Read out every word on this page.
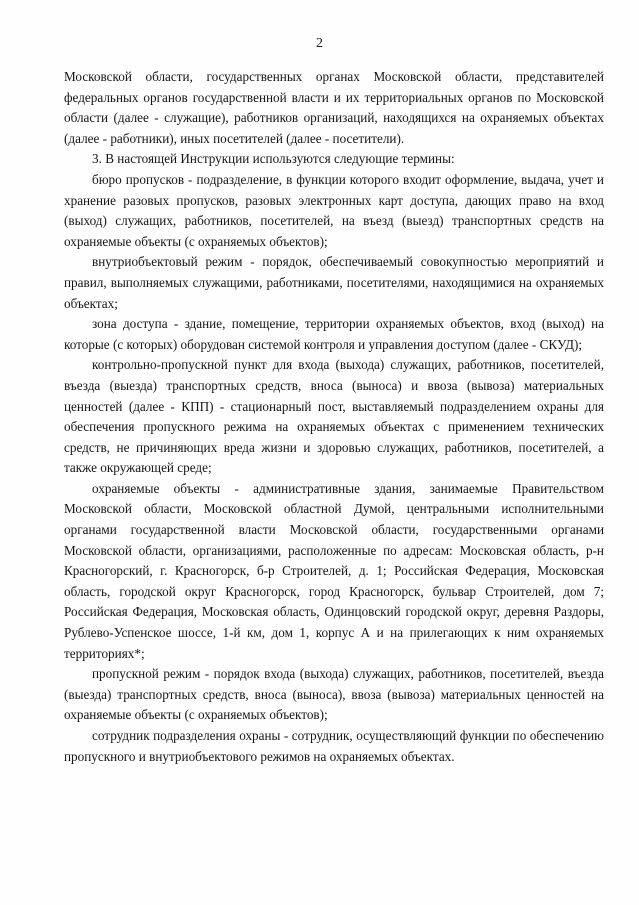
2

Московской области, государственных органах Московской области, представителей федеральных органов государственной власти и их территориальных органов по Московской области (далее - служащие), работников организаций, находящихся на охраняемых объектах (далее - работники), иных посетителей (далее - посетители).

3. В настоящей Инструкции используются следующие термины:

бюро пропусков - подразделение, в функции которого входит оформление, выдача, учет и хранение разовых пропусков, разовых электронных карт доступа, дающих право на вход (выход) служащих, работников, посетителей, на въезд (выезд) транспортных средств на охраняемые объекты (с охраняемых объектов);

внутриобъектовый режим - порядок, обеспечиваемый совокупностью мероприятий и правил, выполняемых служащими, работниками, посетителями, находящимися на охраняемых объектах;

зона доступа - здание, помещение, территории охраняемых объектов, вход (выход) на которые (с которых) оборудован системой контроля и управления доступом (далее - СКУД);

контрольно-пропускной пункт для входа (выхода) служащих, работников, посетителей, въезда (выезда) транспортных средств, вноса (выноса) и ввоза (вывоза) материальных ценностей (далее - КПП) - стационарный пост, выставляемый подразделением охраны для обеспечения пропускного режима на охраняемых объектах с применением технических средств, не причиняющих вреда жизни и здоровью служащих, работников, посетителей, а также окружающей среде;

охраняемые объекты - административные здания, занимаемые Правительством Московской области, Московской областной Думой, центральными исполнительными органами государственной власти Московской области, государственными органами Московской области, организациями, расположенные по адресам: Московская область, р-н Красногорский, г. Красногорск, б-р Строителей, д. 1; Российская Федерация, Московская область, городской округ Красногорск, город Красногорск, бульвар Строителей, дом 7; Российская Федерация, Московская область, Одинцовский городской округ, деревня Раздоры, Рублево-Успенское шоссе, 1-й км, дом 1, корпус А и на прилегающих к ним охраняемых территориях*;

пропускной режим - порядок входа (выхода) служащих, работников, посетителей, въезда (выезда) транспортных средств, вноса (выноса), ввоза (вывоза) материальных ценностей на охраняемые объекты (с охраняемых объектов);

сотрудник подразделения охраны - сотрудник, осуществляющий функции по обеспечению пропускного и внутриобъектового режимов на охраняемых объектах.
